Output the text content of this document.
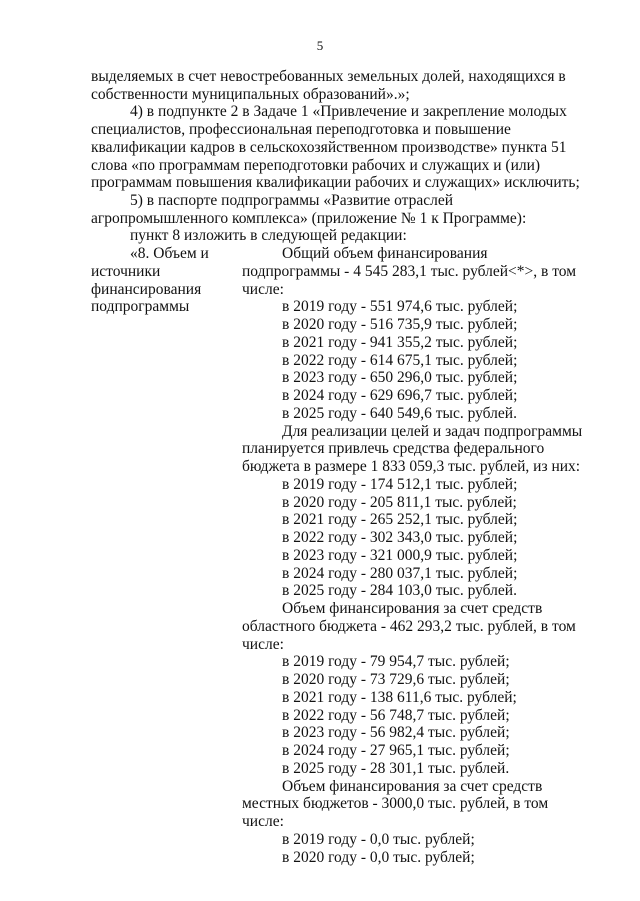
5
выделяемых в счет невостребованных земельных долей, находящихся в
собственности муниципальных образований».»;
4) в подпункте 2 в Задаче 1 «Привлечение и закрепление молодых
специалистов, профессиональная переподготовка и повышение
квалификации кадров в сельскохозяйственном производстве» пункта 51
слова «по программам переподготовки рабочих и служащих и (или)
программам повышения квалификации рабочих и служащих» исключить;
5) в паспорте подпрограммы «Развитие отраслей
агропромышленного комплекса» (приложение № 1 к Программе):
пункт 8 изложить в следующей редакции:
«8. Объем и
источники
финансирования
подпрограммы
Общий объем финансирования
подпрограммы - 4 545 283,1 тыс. рублей<*>, в том
числе:
в 2019 году - 551 974,6 тыс. рублей;
в 2020 году - 516 735,9 тыс. рублей;
в 2021 году - 941 355,2 тыс. рублей;
в 2022 году - 614 675,1 тыс. рублей;
в 2023 году - 650 296,0 тыс. рублей;
в 2024 году - 629 696,7 тыс. рублей;
в 2025 году - 640 549,6 тыс. рублей.
Для реализации целей и задач подпрограммы
планируется привлечь средства федерального
бюджета в размере 1 833 059,3 тыс. рублей, из них:
в 2019 году - 174 512,1 тыс. рублей;
в 2020 году - 205 811,1 тыс. рублей;
в 2021 году - 265 252,1 тыс. рублей;
в 2022 году - 302 343,0 тыс. рублей;
в 2023 году - 321 000,9 тыс. рублей;
в 2024 году - 280 037,1 тыс. рублей;
в 2025 году - 284 103,0 тыс. рублей.
Объем финансирования за счет средств
областного бюджета - 462 293,2 тыс. рублей, в том
числе:
в 2019 году - 79 954,7 тыс. рублей;
в 2020 году - 73 729,6 тыс. рублей;
в 2021 году - 138 611,6 тыс. рублей;
в 2022 году - 56 748,7 тыс. рублей;
в 2023 году - 56 982,4 тыс. рублей;
в 2024 году - 27 965,1 тыс. рублей;
в 2025 году - 28 301,1 тыс. рублей.
Объем финансирования за счет средств
местных бюджетов - 3000,0 тыс. рублей, в том
числе:
в 2019 году - 0,0 тыс. рублей;
в 2020 году - 0,0 тыс. рублей;
